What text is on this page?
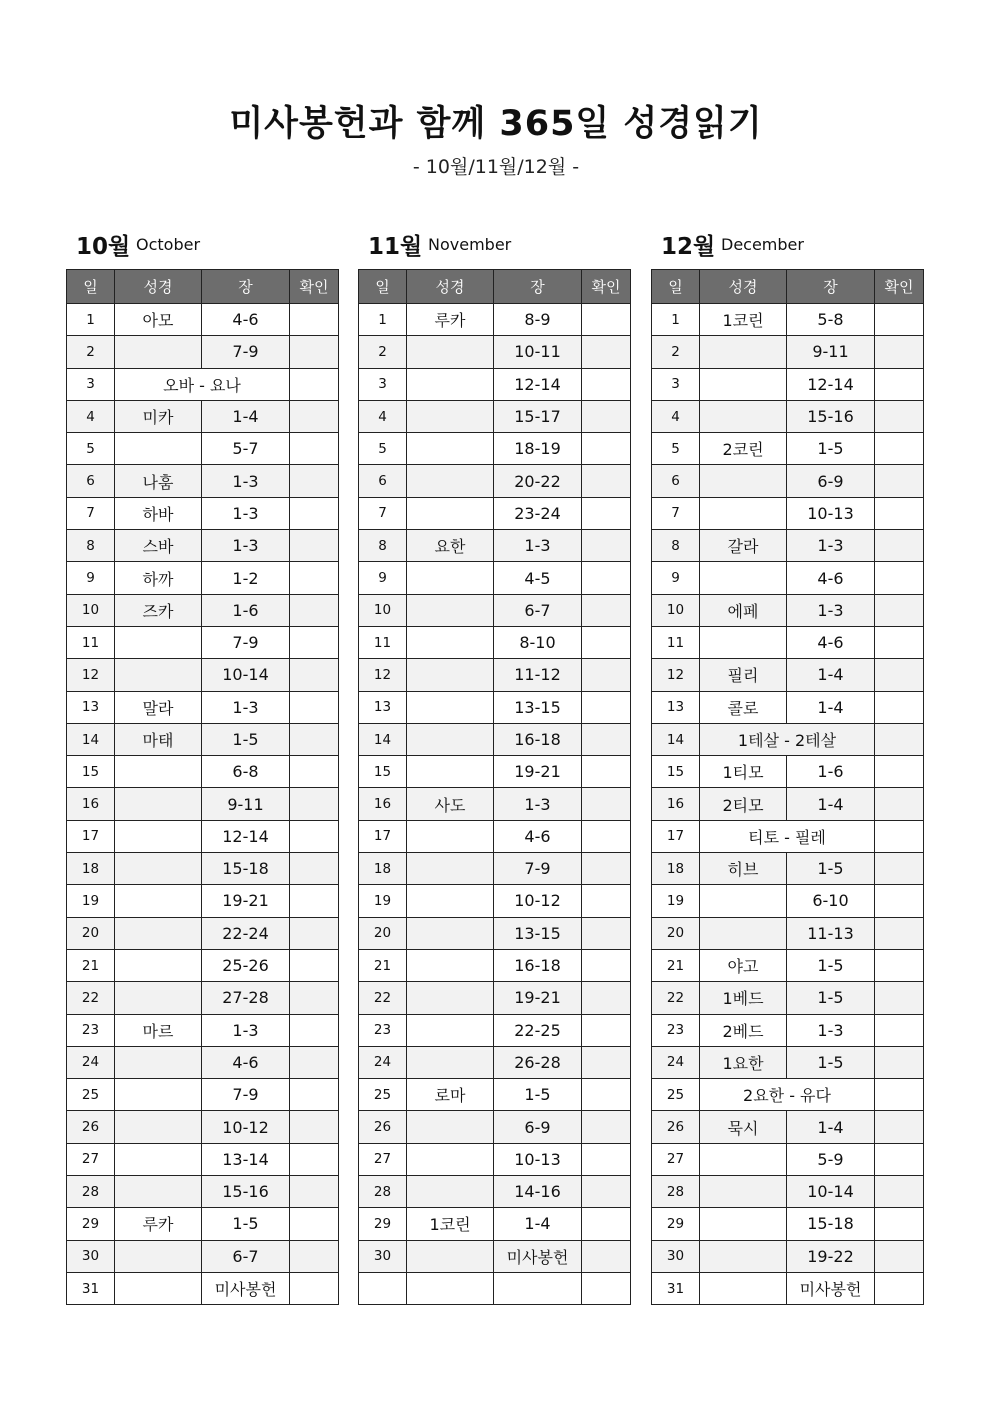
미사봉헌과 함께 365일 성경읽기
- 10월/11월/12월 -
10월 October
일	성경	장	확인
1	아모	4-6	
2		7-9	
3	오바 - 요나		
4	미카	1-4	
5		5-7	
6	나훔	1-3	
7	하바	1-3	
8	스바	1-3	
9	하까	1-2	
10	즈카	1-6	
11		7-9	
12		10-14	
13	말라	1-3	
14	마태	1-5	
15		6-8	
16		9-11	
17		12-14	
18		15-18	
19		19-21	
20		22-24	
21		25-26	
22		27-28	
23	마르	1-3	
24		4-6	
25		7-9	
26		10-12	
27		13-14	
28		15-16	
29	루카	1-5	
30		6-7	
31		미사봉헌	
11월 November
일	성경	장	확인
1	루카	8-9	
2		10-11	
3		12-14	
4		15-17	
5		18-19	
6		20-22	
7		23-24	
8	요한	1-3	
9		4-5	
10		6-7	
11		8-10	
12		11-12	
13		13-15	
14		16-18	
15		19-21	
16	사도	1-3	
17		4-6	
18		7-9	
19		10-12	
20		13-15	
21		16-18	
22		19-21	
23		22-25	
24		26-28	
25	로마	1-5	
26		6-9	
27		10-13	
28		14-16	
29	1코린	1-4	
30		미사봉헌	

12월 December
일	성경	장	확인
1	1코린	5-8	
2		9-11	
3		12-14	
4		15-16	
5	2코린	1-5	
6		6-9	
7		10-13	
8	갈라	1-3	
9		4-6	
10	에페	1-3	
11		4-6	
12	필리	1-4	
13	콜로	1-4	
14	1테살 - 2테살		
15	1티모	1-6	
16	2티모	1-4	
17	티토 - 필레		
18	히브	1-5	
19		6-10	
20		11-13	
21	야고	1-5	
22	1베드	1-5	
23	2베드	1-3	
24	1요한	1-5	
25	2요한 - 유다		
26	묵시	1-4	
27		5-9	
28		10-14	
29		15-18	
30		19-22	
31		미사봉헌	
